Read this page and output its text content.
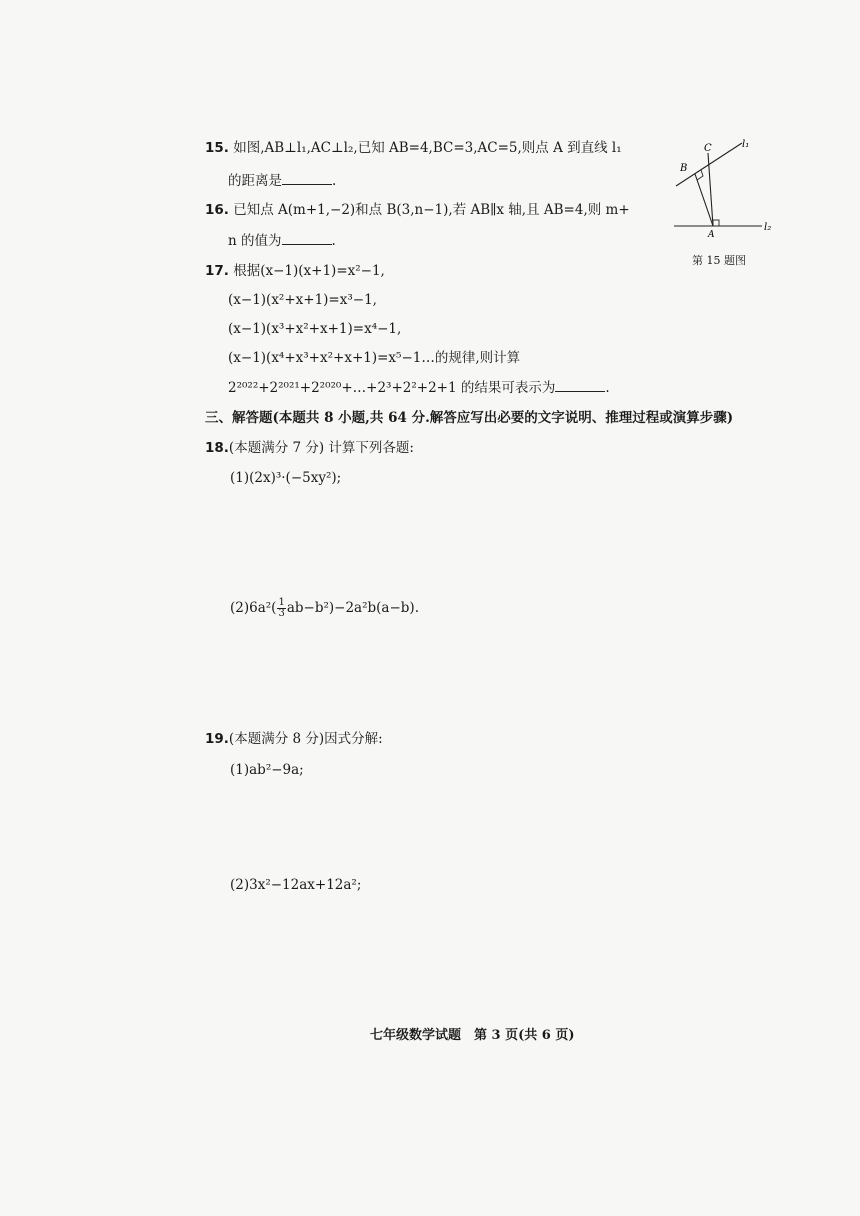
15. 如图,AB⊥l₁,AC⊥l₂,已知 AB=4,BC=3,AC=5,则点 A 到直线 l₁
的距离是	.
B
C
A
l₁
l₂
第 15 题图
16. 已知点 A(m+1,−2)和点 B(3,n−1),若 AB∥x 轴,且 AB=4,则 m+
n 的值为	.
17. 根据(x−1)(x+1)=x²−1,
(x−1)(x²+x+1)=x³−1,
(x−1)(x³+x²+x+1)=x⁴−1,
(x−1)(x⁴+x³+x²+x+1)=x⁵−1…的规律,则计算
2²⁰²²+2²⁰²¹+2²⁰²⁰+…+2³+2²+2+1 的结果可表示为	.
三、解答题(本题共 8 小题,共 64 分.解答应写出必要的文字说明、推理过程或演算步骤)
18.(本题满分 7 分) 计算下列各题:
(1)(2x)³·(−5xy²);
$(2)6a^2( \frac{1}{3} ab-b^2)-2a^2b(a-b)$.
19.(本题满分 8 分)因式分解:
(1)ab²−9a;
(2)3x²−12ax+12a²;
七年级数学试题　第 3 页(共 6 页)
